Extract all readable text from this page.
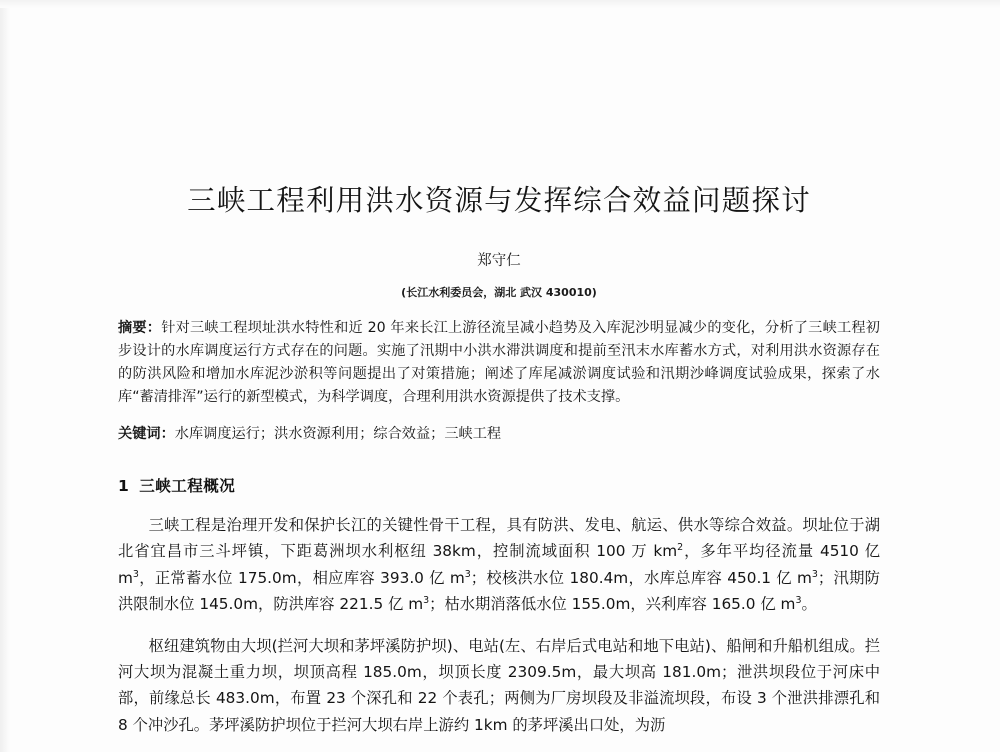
三峡工程利用洪水资源与发挥综合效益问题探讨
郑守仁
(长江水利委员会，湖北 武汉 430010)

摘要：针对三峡工程坝址洪水特性和近 20 年来长江上游径流呈减小趋势及入库泥沙明显减少的变化，分析了三峡工程初步设计的水库调度运行方式存在的问题。实施了汛期中小洪水滞洪调度和提前至汛末水库蓄水方式，对利用洪水资源存在的防洪风险和增加水库泥沙淤积等问题提出了对策措施；阐述了库尾减淤调度试验和汛期沙峰调度试验成果，探索了水库“蓄清排浑”运行的新型模式，为科学调度，合理利用洪水资源提供了技术支撑。

关键词：水库调度运行；洪水资源利用；综合效益；三峡工程

1 三峡工程概况

三峡工程是治理开发和保护长江的关键性骨干工程，具有防洪、发电、航运、供水等综合效益。坝址位于湖北省宜昌市三斗坪镇，下距葛洲坝水利枢纽 38km，控制流域面积 100 万 $km^2$，多年平均径流量 4510 亿 $m^3$，正常蓄水位 175.0m，相应库容 393.0 亿 $m^3$；校核洪水位 180.4m，水库总库容 450.1 亿 $m^3$；汛期防洪限制水位 145.0m，防洪库容 221.5 亿 $m^3$；枯水期消落低水位 155.0m，兴利库容 165.0 亿 $m^3$。

枢纽建筑物由大坝(拦河大坝和茅坪溪防护坝)、电站(左、右岸后式电站和地下电站)、船闸和升船机组成。拦河大坝为混凝土重力坝，坝顶高程 185.0m，坝顶长度 2309.5m，最大坝高 181.0m；泄洪坝段位于河床中部，前缘总长 483.0m，布置 23 个深孔和 22 个表孔；两侧为厂房坝段及非溢流坝段，布设 3 个泄洪排漂孔和 8 个冲沙孔。茅坪溪防护坝位于拦河大坝右岸上游约 1km 的茅坪溪出口处，为沥
